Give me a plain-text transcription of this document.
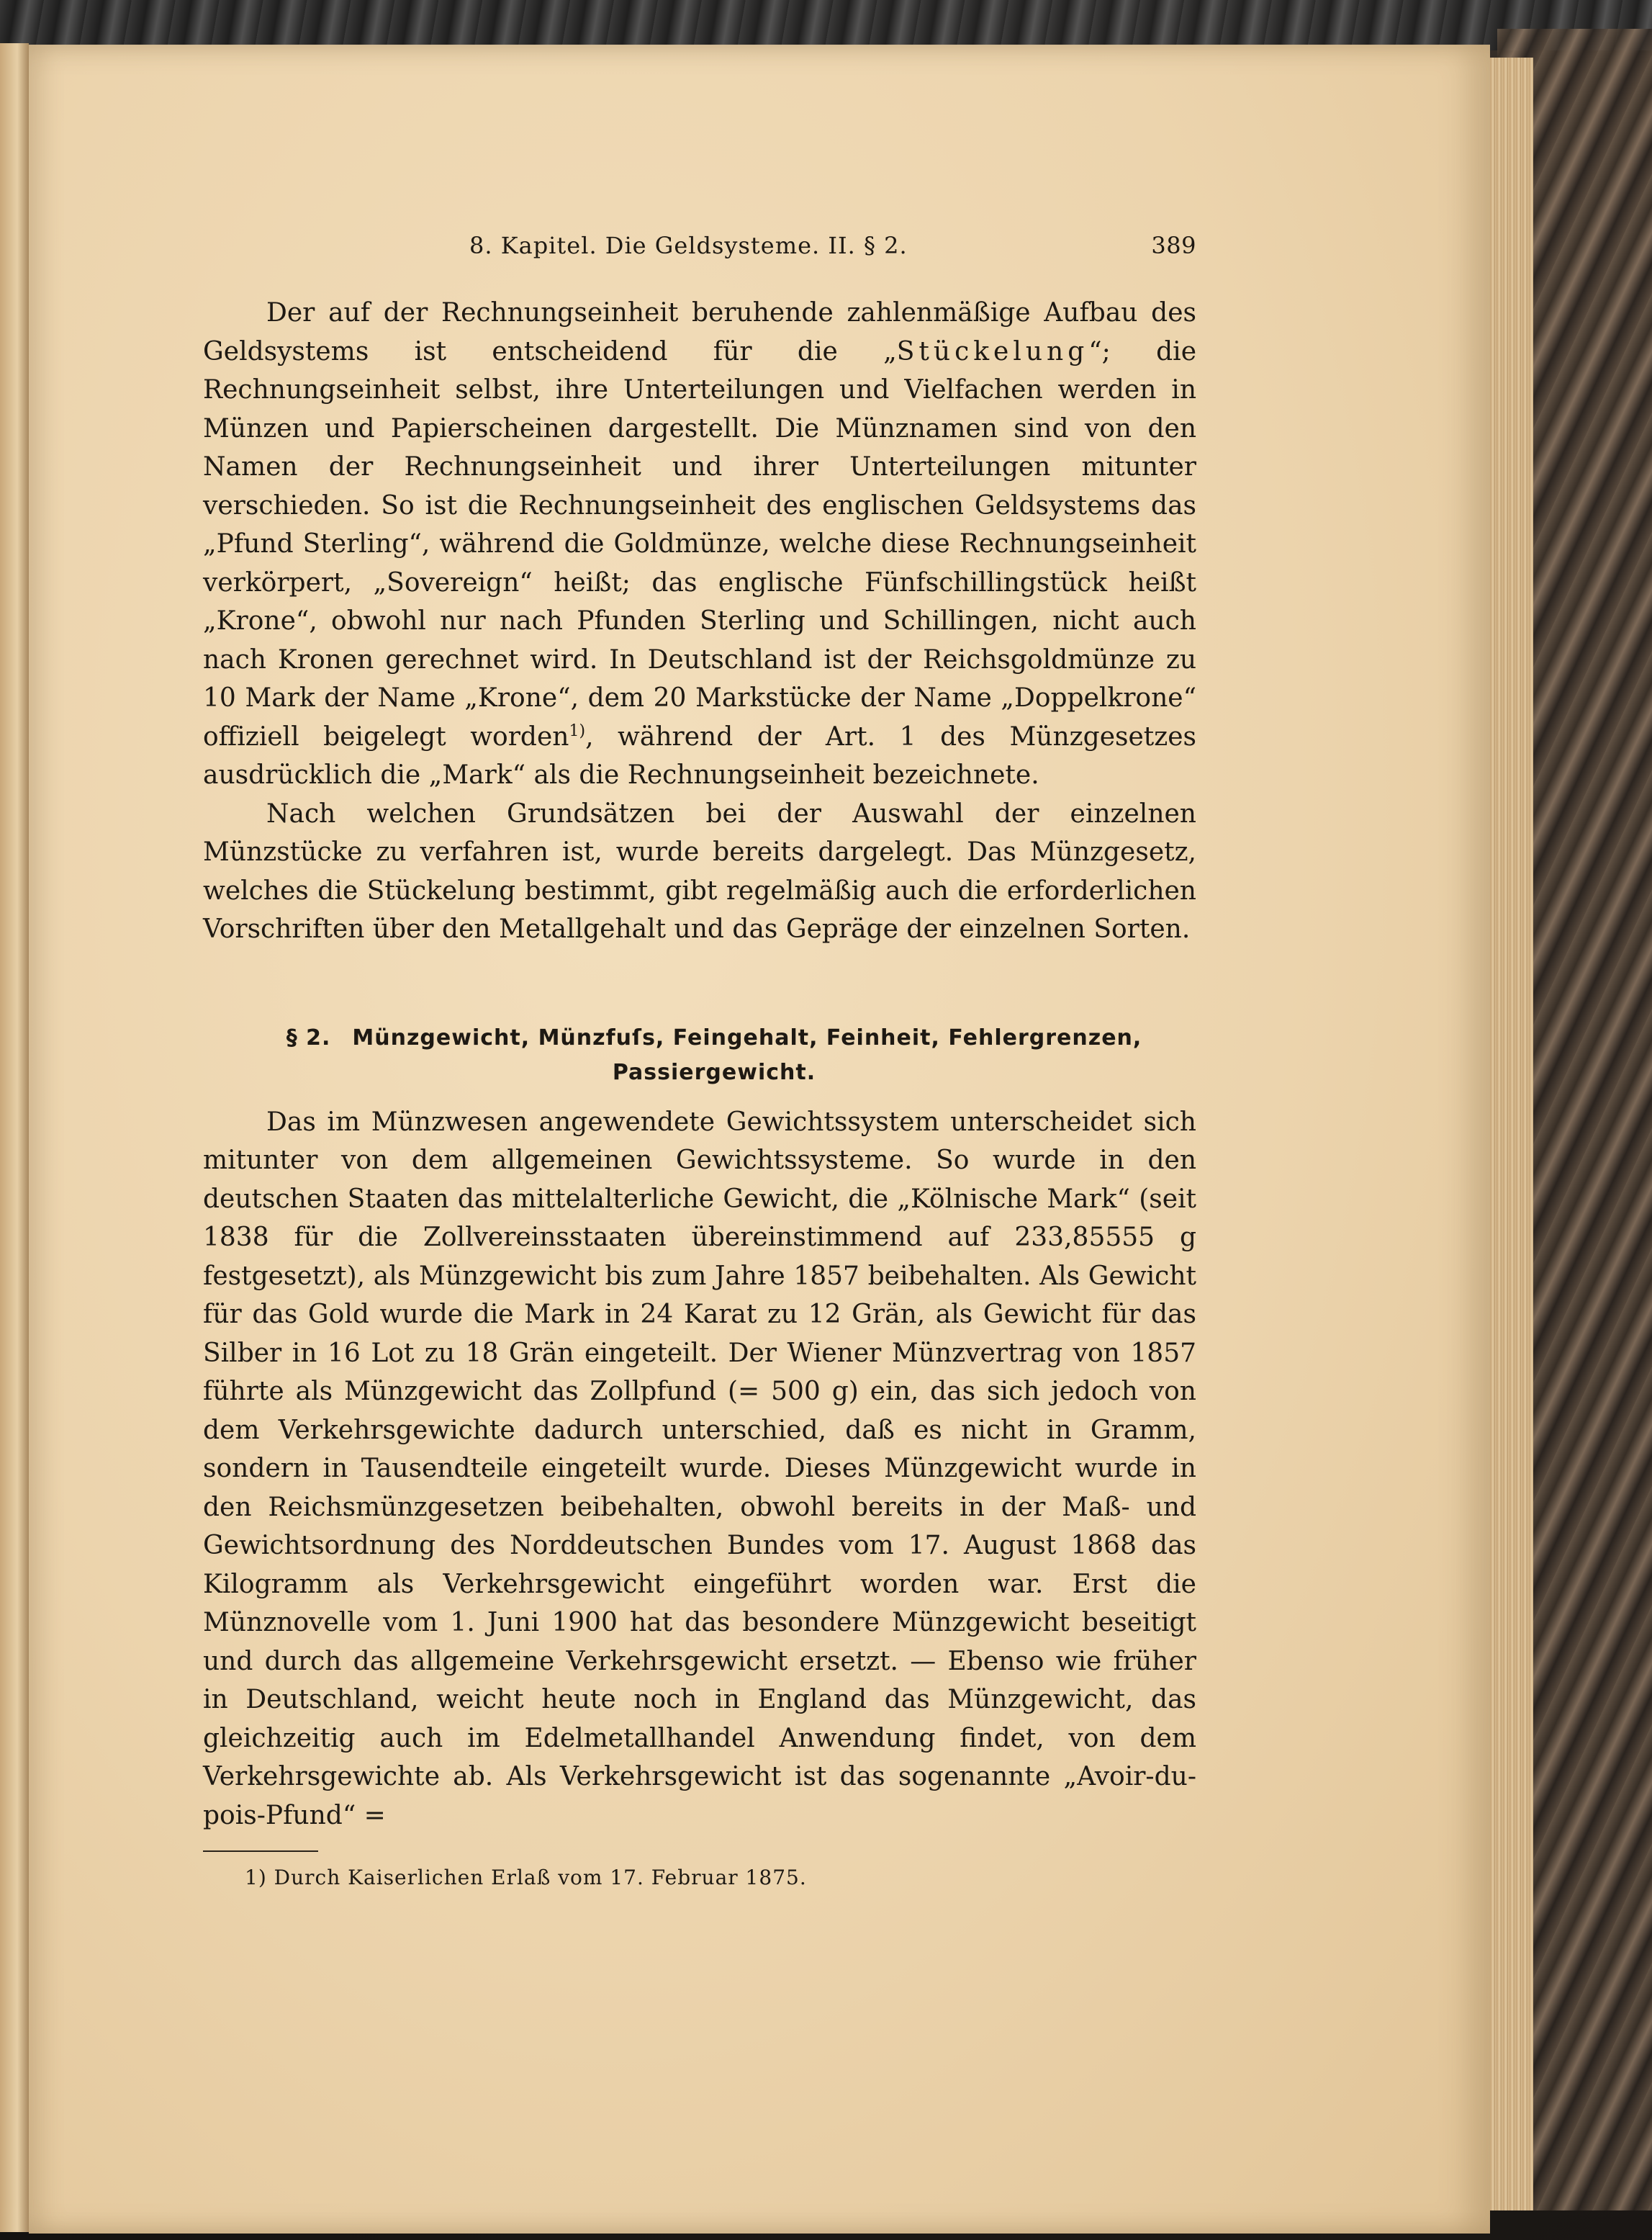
8. Kapitel. Die Geldsysteme. II. § 2.	389

Der auf der Rechnungseinheit beruhende zahlenmäßige Aufbau des Geldsystems ist entscheidend für die „Stückelung“; die Rechnungseinheit selbst, ihre Unterteilungen und Vielfachen werden in Münzen und Papierscheinen dargestellt. Die Münznamen sind von den Namen der Rechnungseinheit und ihrer Unterteilungen mitunter verschieden. So ist die Rechnungseinheit des englischen Geldsystems das „Pfund Sterling“, während die Goldmünze, welche diese Rechnungseinheit verkörpert, „Sovereign“ heißt; das englische Fünfschillingstück heißt „Krone“, obwohl nur nach Pfunden Sterling und Schillingen, nicht auch nach Kronen gerechnet wird. In Deutschland ist der Reichsgoldmünze zu 10 Mark der Name „Krone“, dem 20 Markstücke der Name „Doppelkrone“ offiziell beigelegt worden$^{1)}$, während der Art. 1 des Münzgesetzes ausdrücklich die „Mark“ als die Rechnungseinheit bezeichnete.

Nach welchen Grundsätzen bei der Auswahl der einzelnen Münzstücke zu verfahren ist, wurde bereits dargelegt. Das Münzgesetz, welches die Stückelung bestimmt, gibt regelmäßig auch die erforderlichen Vorschriften über den Metallgehalt und das Gepräge der einzelnen Sorten.

§ 2. Münzgewicht, Münzfuſs, Feingehalt, Feinheit, Fehlergrenzen,
Passiergewicht.

Das im Münzwesen angewendete Gewichtssystem unterscheidet sich mitunter von dem allgemeinen Gewichtssysteme. So wurde in den deutschen Staaten das mittelalterliche Gewicht, die „Kölnische Mark“ (seit 1838 für die Zollvereinsstaaten übereinstimmend auf 233,85555 g festgesetzt), als Münzgewicht bis zum Jahre 1857 beibehalten. Als Gewicht für das Gold wurde die Mark in 24 Karat zu 12 Grän, als Gewicht für das Silber in 16 Lot zu 18 Grän eingeteilt. Der Wiener Münzvertrag von 1857 führte als Münzgewicht das Zollpfund (= 500 g) ein, das sich jedoch von dem Verkehrsgewichte dadurch unterschied, daß es nicht in Gramm, sondern in Tausendteile eingeteilt wurde. Dieses Münzgewicht wurde in den Reichsmünzgesetzen beibehalten, obwohl bereits in der Maß- und Gewichtsordnung des Norddeutschen Bundes vom 17. August 1868 das Kilogramm als Verkehrsgewicht eingeführt worden war. Erst die Münznovelle vom 1. Juni 1900 hat das besondere Münzgewicht beseitigt und durch das allgemeine Verkehrsgewicht ersetzt. — Ebenso wie früher in Deutschland, weicht heute noch in England das Münzgewicht, das gleichzeitig auch im Edelmetallhandel Anwendung findet, von dem Verkehrsgewichte ab. Als Verkehrsgewicht ist das sogenannte „Avoir-du-pois-Pfund“ =

1) Durch Kaiserlichen Erlaß vom 17. Februar 1875.
